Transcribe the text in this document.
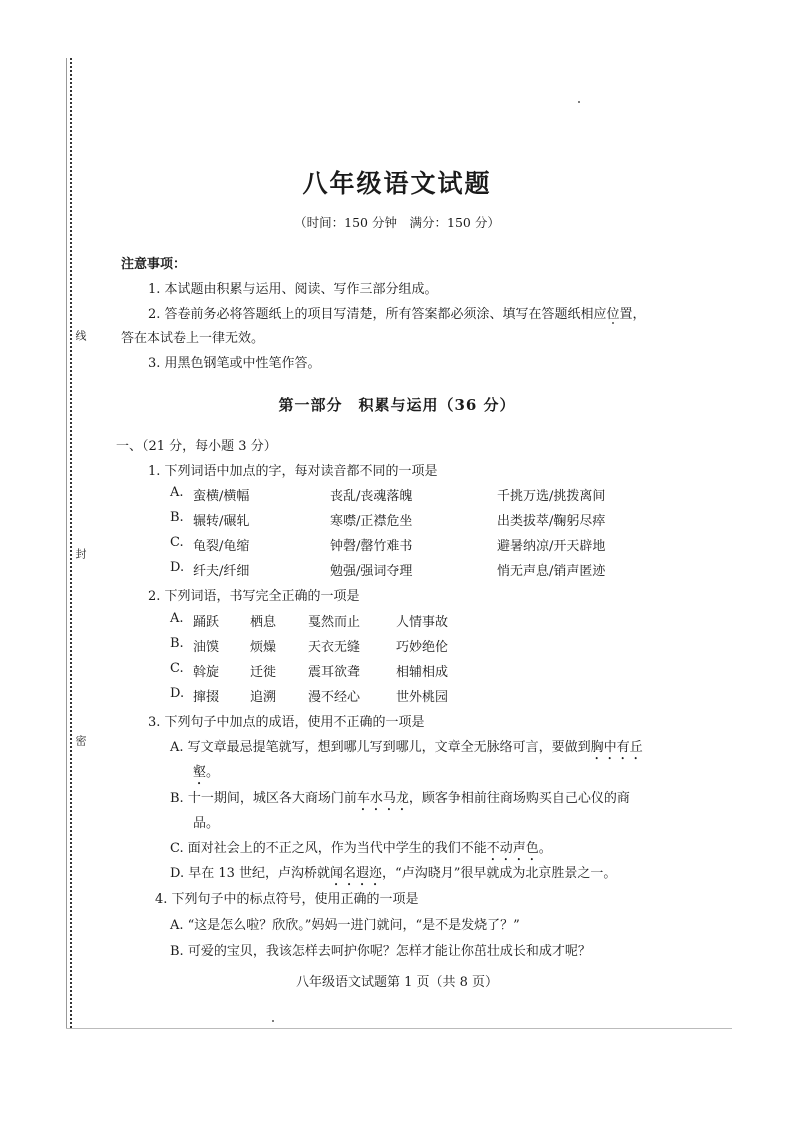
线
封
密
八年级语文试题
（时间：150 分钟　满分：150 分）
注意事项：
1. 本试题由积累与运用、阅读、写作三部分组成。
2. 答卷前务必将答题纸上的项目写清楚，所有答案都必须涂、填写在答题纸相应位置，
答在本试卷上一律无效。
3. 用黑色钢笔或中性笔作答。
第一部分　积累与运用（36 分）
一、（21 分，每小题 3 分）
1. 下列词语中加点的字，每对读音都不同的一项是
A. 蛮横/横幅	丧乱/丧魂落魄	千挑万选/挑拨离间
B. 辗转/碾轧	寒噤/正襟危坐	出类拔萃/鞠躬尽瘁
C. 龟裂/龟缩	钟磬/罄竹难书	避暑纳凉/开天辟地
D. 纤夫/纤细	勉强/强词夺理	悄无声息/销声匿迹
2. 下列词语，书写完全正确的一项是
A. 踊跃 栖息 戛然而止	人情事故
B. 油馍 烦燥 天衣无缝	巧妙绝伦
C. 斡旋 迁徙 震耳欲聋	相辅相成
D. 撺掇 追溯 漫不经心	世外桃园
3. 下列句子中加点的成语，使用不正确的一项是
A. 写文章最忌提笔就写，想到哪儿写到哪儿，文章全无脉络可言，要做到胸中有丘
壑。
B. 十一期间，城区各大商场门前车水马龙，顾客争相前往商场购买自己心仪的商
品。
C. 面对社会上的不正之风，作为当代中学生的我们不能不动声色。
D. 早在 13 世纪，卢沟桥就闻名遐迩，“卢沟晓月”很早就成为北京胜景之一。
4. 下列句子中的标点符号，使用正确的一项是
A. “这是怎么啦？欣欣。”妈妈一进门就问，“是不是发烧了？”
B. 可爱的宝贝，我该怎样去呵护你呢？怎样才能让你茁壮成长和成才呢？
八年级语文试题第 1 页（共 8 页）
